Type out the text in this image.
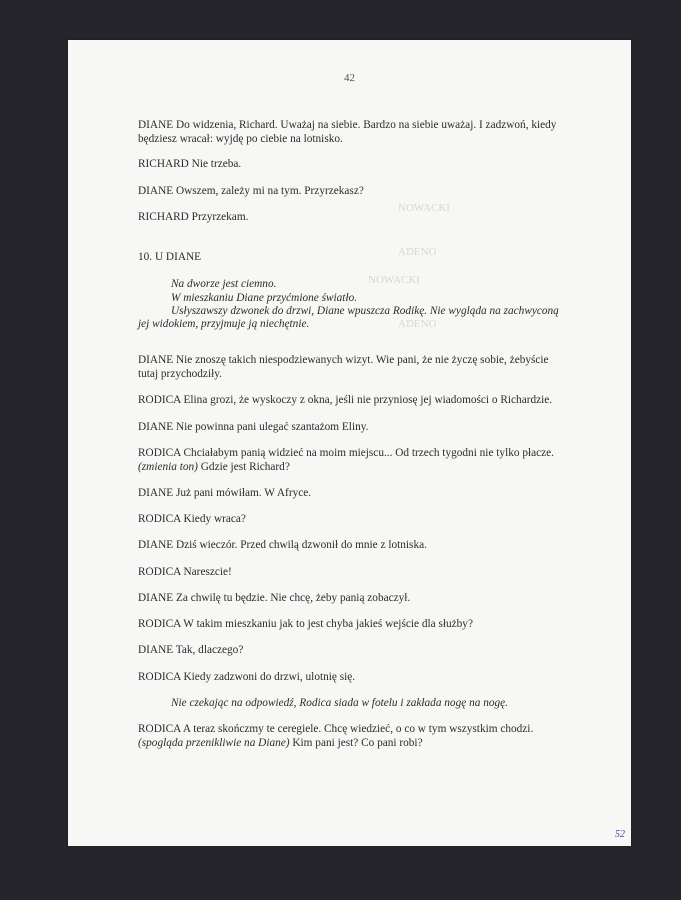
42
NOWACKI
ADENO
NOWACKI
ADENO
DIANE Do widzenia, Richard. Uważaj na siebie. Bardzo na siebie uważaj. I zadzwoń, kiedy
będziesz wracał: wyjdę po ciebie na lotnisko.
RICHARD Nie trzeba.
DIANE Owszem, zależy mi na tym. Przyrzekasz?
RICHARD Przyrzekam.
10. U DIANE
Na dworze jest ciemno.
W mieszkaniu Diane przyćmione światło.
Usłyszawszy dzwonek do drzwi, Diane wpuszcza Rodikę. Nie wygląda na zachwyconą
jej widokiem, przyjmuje ją niechętnie.
DIANE Nie znoszę takich niespodziewanych wizyt. Wie pani, że nie życzę sobie, żebyście
tutaj przychodziły.
RODICA Elina grozi, że wyskoczy z okna, jeśli nie przyniosę jej wiadomości o Richardzie.
DIANE Nie powinna pani ulegać szantażom Eliny.
RODICA Chciałabym panią widzieć na moim miejscu... Od trzech tygodni nie tylko płacze.
(zmienia ton) Gdzie jest Richard?
DIANE Już pani mówiłam. W Afryce.
RODICA Kiedy wraca?
DIANE Dziś wieczór. Przed chwilą dzwonił do mnie z lotniska.
RODICA Nareszcie!
DIANE Za chwilę tu będzie. Nie chcę, żeby panią zobaczył.
RODICA W takim mieszkaniu jak to jest chyba jakieś wejście dla służby?
DIANE Tak, dlaczego?
RODICA Kiedy zadzwoni do drzwi, ulotnię się.
Nie czekając na odpowiedź, Rodica siada w fotelu i zakłada nogę na nogę.
RODICA A teraz skończmy te ceregiele. Chcę wiedzieć, o co w tym wszystkim chodzi.
(spogląda przenikliwie na Diane) Kim pani jest? Co pani robi?
52
